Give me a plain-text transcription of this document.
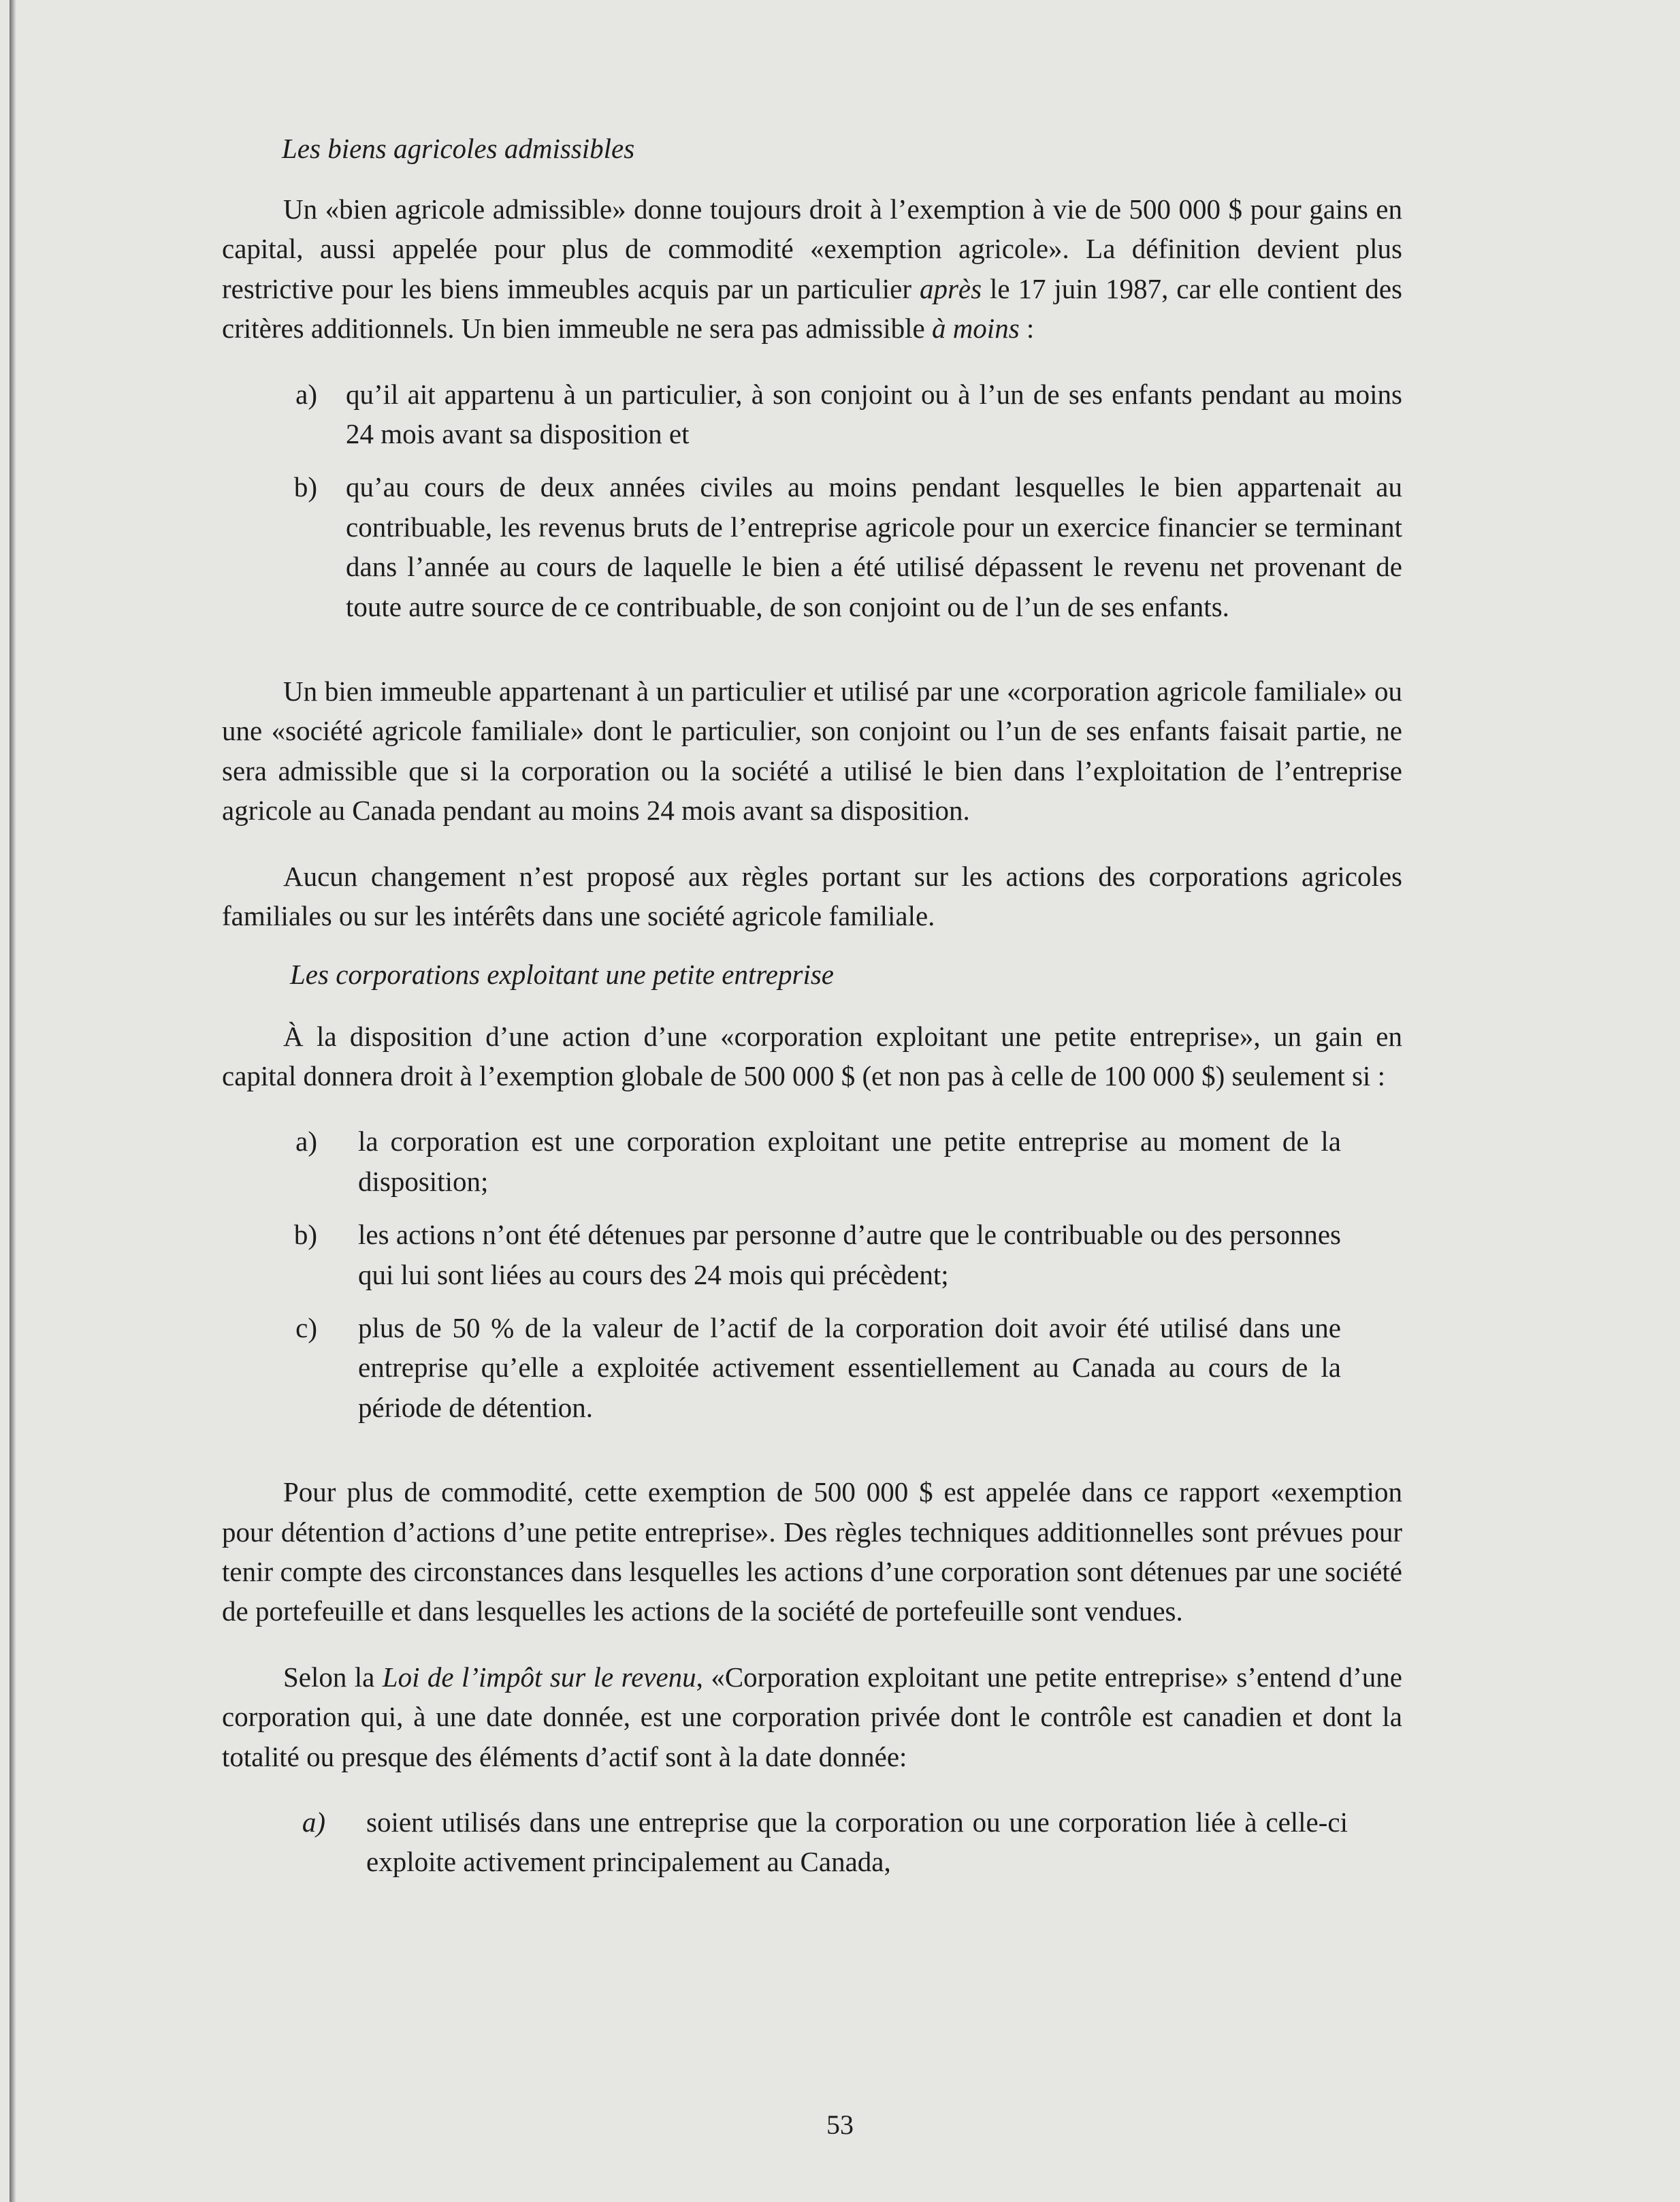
Les biens agricoles admissibles

Un «bien agricole admissible» donne toujours droit à l’exemption à vie de 500 000 $ pour gains en capital, aussi appelée pour plus de commodité «exemption agricole». La définition devient plus restrictive pour les biens immeubles acquis par un particulier après le 17 juin 1987, car elle contient des critères additionnels. Un bien immeuble ne sera pas admissible à moins :

a)	qu’il ait appartenu à un particulier, à son conjoint ou à l’un de ses enfants pendant au moins 24 mois avant sa disposition et
b)	qu’au cours de deux années civiles au moins pendant lesquelles le bien appartenait au contribuable, les revenus bruts de l’entreprise agricole pour un exercice financier se terminant dans l’année au cours de laquelle le bien a été utilisé dépassent le revenu net provenant de toute autre source de ce contribuable, de son conjoint ou de l’un de ses enfants.

Un bien immeuble appartenant à un particulier et utilisé par une «corporation agricole familiale» ou une «société agricole familiale» dont le particulier, son conjoint ou l’un de ses enfants faisait partie, ne sera admissible que si la corporation ou la société a utilisé le bien dans l’exploitation de l’entreprise agricole au Canada pendant au moins 24 mois avant sa disposition.

Aucun changement n’est proposé aux règles portant sur les actions des corporations agricoles familiales ou sur les intérêts dans une société agricole familiale.

Les corporations exploitant une petite entreprise

À la disposition d’une action d’une «corporation exploitant une petite entreprise», un gain en capital donnera droit à l’exemption globale de 500 000 $ (et non pas à celle de 100 000 $) seulement si :

a)	la corporation est une corporation exploitant une petite entreprise au moment de la disposition;
b)	les actions n’ont été détenues par personne d’autre que le contribuable ou des personnes qui lui sont liées au cours des 24 mois qui précèdent;
c)	plus de 50 % de la valeur de l’actif de la corporation doit avoir été utilisé dans une entreprise qu’elle a exploitée activement essentiellement au Canada au cours de la période de détention.

Pour plus de commodité, cette exemption de 500 000 $ est appelée dans ce rapport «exemption pour détention d’actions d’une petite entreprise». Des règles techniques additionnelles sont prévues pour tenir compte des circonstances dans lesquelles les actions d’une corporation sont détenues par une société de portefeuille et dans lesquelles les actions de la société de portefeuille sont vendues.

Selon la Loi de l’impôt sur le revenu, «Corporation exploitant une petite entreprise» s’entend d’une corporation qui, à une date donnée, est une corporation privée dont le contrôle est canadien et dont la totalité ou presque des éléments d’actif sont à la date donnée:

a)	soient utilisés dans une entreprise que la corporation ou une corporation liée à celle-ci exploite activement principalement au Canada,
53
